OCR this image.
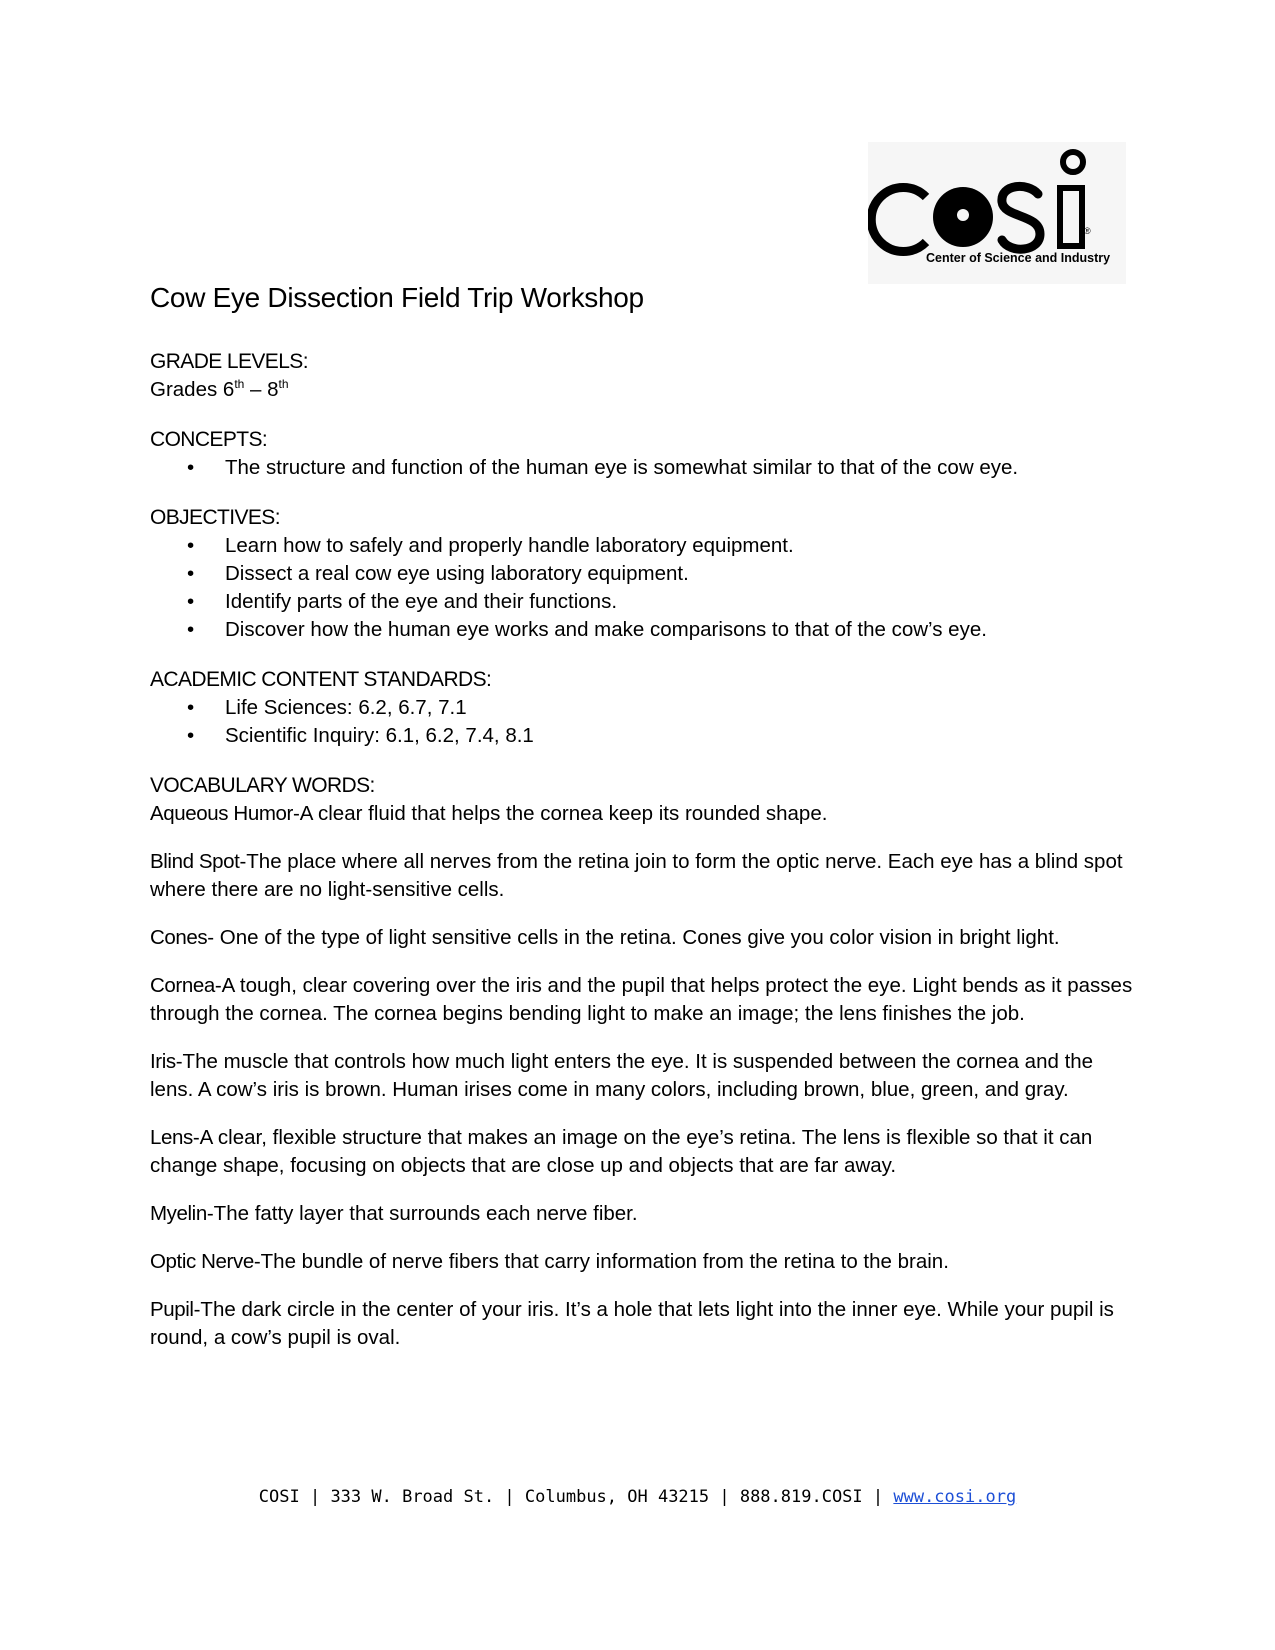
®
Center of Science and Industry
Cow Eye Dissection Field Trip Workshop

GRADE LEVELS:

Grades 6th – 8th

CONCEPTS:

• The structure and function of the human eye is somewhat similar to that of the cow eye.

OBJECTIVES:

• Learn how to safely and properly handle laboratory equipment.
• Dissect a real cow eye using laboratory equipment.
• Identify parts of the eye and their functions.
• Discover how the human eye works and make comparisons to that of the cow’s eye.

ACADEMIC CONTENT STANDARDS:

• Life Sciences: 6.2, 6.7, 7.1
• Scientific Inquiry: 6.1, 6.2, 7.4, 8.1

VOCABULARY WORDS:

Aqueous Humor-A clear fluid that helps the cornea keep its rounded shape.

Blind Spot-The place where all nerves from the retina join to form the optic nerve. Each eye has a blind spot where there are no light-sensitive cells.

Cones- One of the type of light sensitive cells in the retina. Cones give you color vision in bright light.

Cornea-A tough, clear covering over the iris and the pupil that helps protect the eye. Light bends as it passes through the cornea. The cornea begins bending light to make an image; the lens finishes the job.

Iris-The muscle that controls how much light enters the eye. It is suspended between the cornea and the lens. A cow’s iris is brown. Human irises come in many colors, including brown, blue, green, and gray.

Lens-A clear, flexible structure that makes an image on the eye’s retina. The lens is flexible so that it can change shape, focusing on objects that are close up and objects that are far away.

Myelin-The fatty layer that surrounds each nerve fiber.

Optic Nerve-The bundle of nerve fibers that carry information from the retina to the brain.

Pupil-The dark circle in the center of your iris. It’s a hole that lets light into the inner eye. While your pupil is round, a cow’s pupil is oval.

COSI | 333 W. Broad St. | Columbus, OH 43215 | 888.819.COSI | www.cosi.org
